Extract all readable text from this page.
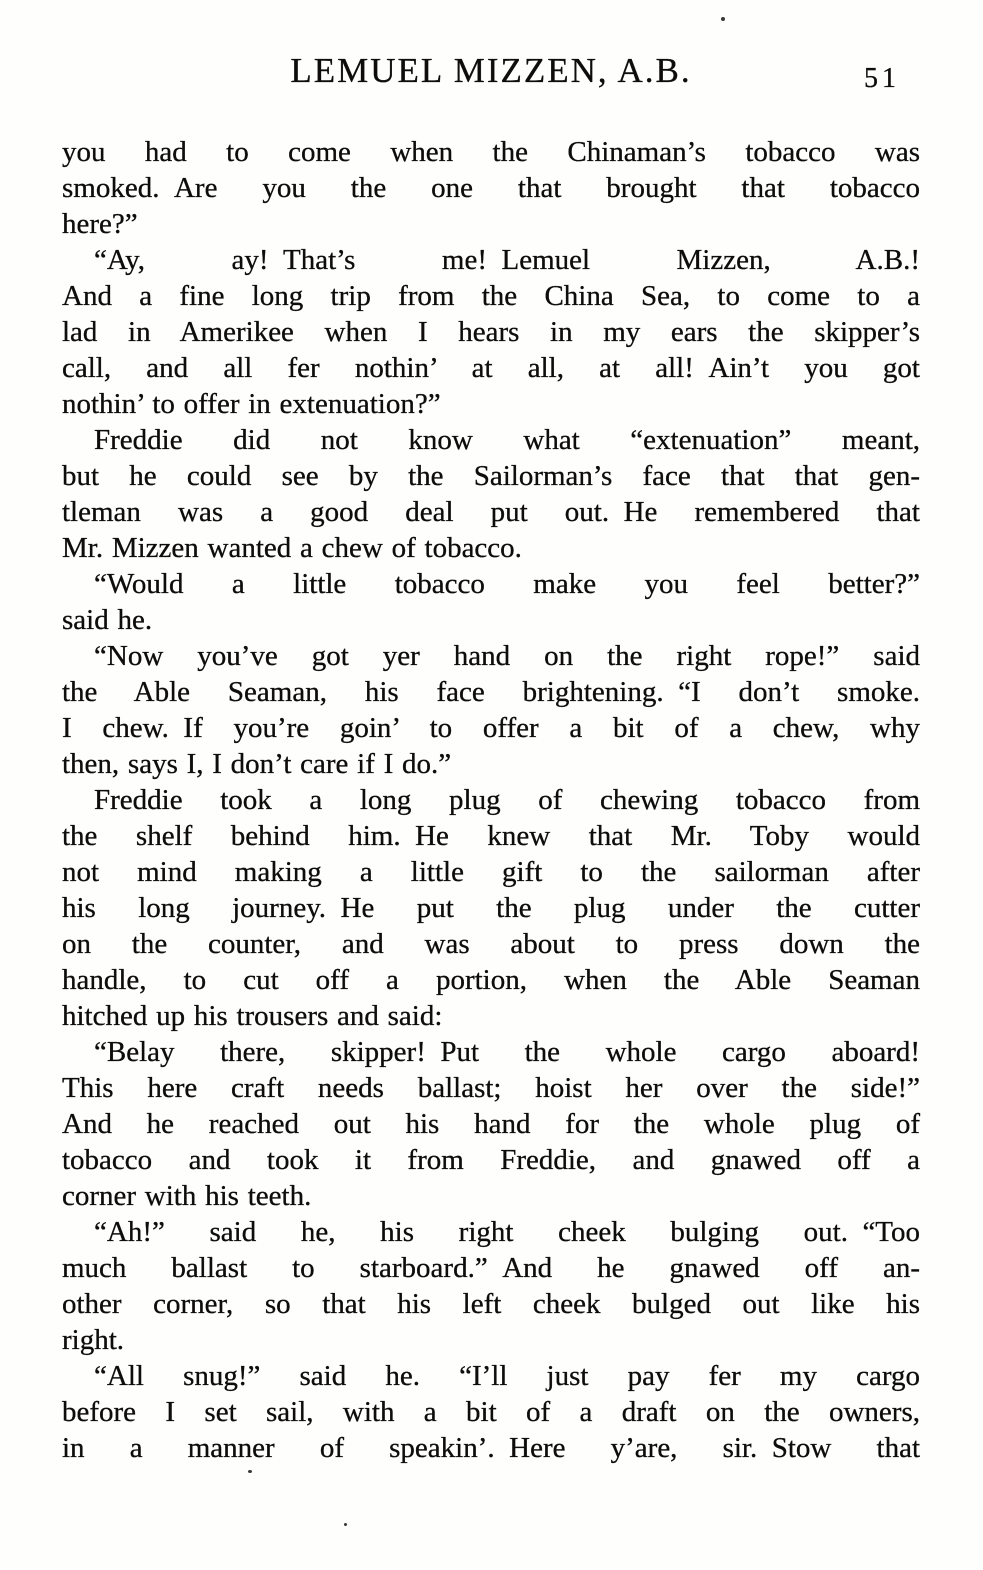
LEMUEL MIZZEN, A.B.	51
you had to come when the Chinaman’s tobacco was
smoked. Are you the one that brought that tobacco
here?”
“Ay, ay! That’s me! Lemuel Mizzen, A.B.!
And a fine long trip from the China Sea, to come to a
lad in Amerikee when I hears in my ears the skipper’s
call, and all fer nothin’ at all, at all! Ain’t you got
nothin’ to offer in extenuation?”
Freddie did not know what “extenuation” meant,
but he could see by the Sailorman’s face that that gen-
tleman was a good deal put out. He remembered that
Mr. Mizzen wanted a chew of tobacco.
“Would a little tobacco make you feel better?”
said he.
“Now you’ve got yer hand on the right rope!” said
the Able Seaman, his face brightening. “I don’t smoke.
I chew. If you’re goin’ to offer a bit of a chew, why
then, says I, I don’t care if I do.”
Freddie took a long plug of chewing tobacco from
the shelf behind him. He knew that Mr. Toby would
not mind making a little gift to the sailorman after
his long journey. He put the plug under the cutter
on the counter, and was about to press down the
handle, to cut off a portion, when the Able Seaman
hitched up his trousers and said:
“Belay there, skipper! Put the whole cargo aboard!
This here craft needs ballast; hoist her over the side!”
And he reached out his hand for the whole plug of
tobacco and took it from Freddie, and gnawed off a
corner with his teeth.
“Ah!” said he, his right cheek bulging out. “Too
much ballast to starboard.” And he gnawed off an-
other corner, so that his left cheek bulged out like his
right.
“All snug!” said he. “I’ll just pay fer my cargo
before I set sail, with a bit of a draft on the owners,
in a manner of speakin’. Here y’are, sir. Stow that
